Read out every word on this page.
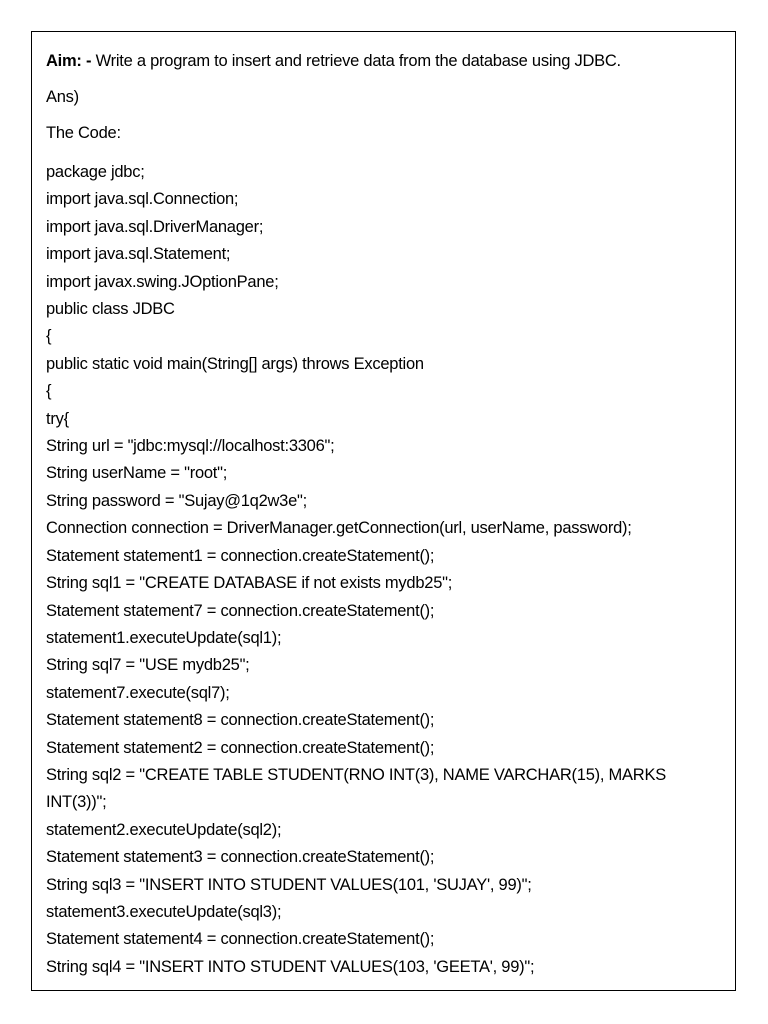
Aim: - Write a program to insert and retrieve data from the database using JDBC.

Ans)

The Code:

package jdbc;
import java.sql.Connection;
import java.sql.DriverManager;
import java.sql.Statement;
import javax.swing.JOptionPane;
public class JDBC
{
public static void main(String[] args) throws Exception
{
try{
String url = "jdbc:mysql://localhost:3306";
String userName = "root";
String password = "Sujay@1q2w3e";
Connection connection = DriverManager.getConnection(url, userName, password);
Statement statement1 = connection.createStatement();
String sql1 = "CREATE DATABASE if not exists mydb25";
Statement statement7 = connection.createStatement();
statement1.executeUpdate(sql1);
String sql7 = "USE mydb25";
statement7.execute(sql7);
Statement statement8 = connection.createStatement();
Statement statement2 = connection.createStatement();
String sql2 = "CREATE TABLE STUDENT(RNO INT(3), NAME VARCHAR(15), MARKS INT(3))";
statement2.executeUpdate(sql2);
Statement statement3 = connection.createStatement();
String sql3 = "INSERT INTO STUDENT VALUES(101, 'SUJAY', 99)";
statement3.executeUpdate(sql3);
Statement statement4 = connection.createStatement();
String sql4 = "INSERT INTO STUDENT VALUES(103, 'GEETA', 99)";
